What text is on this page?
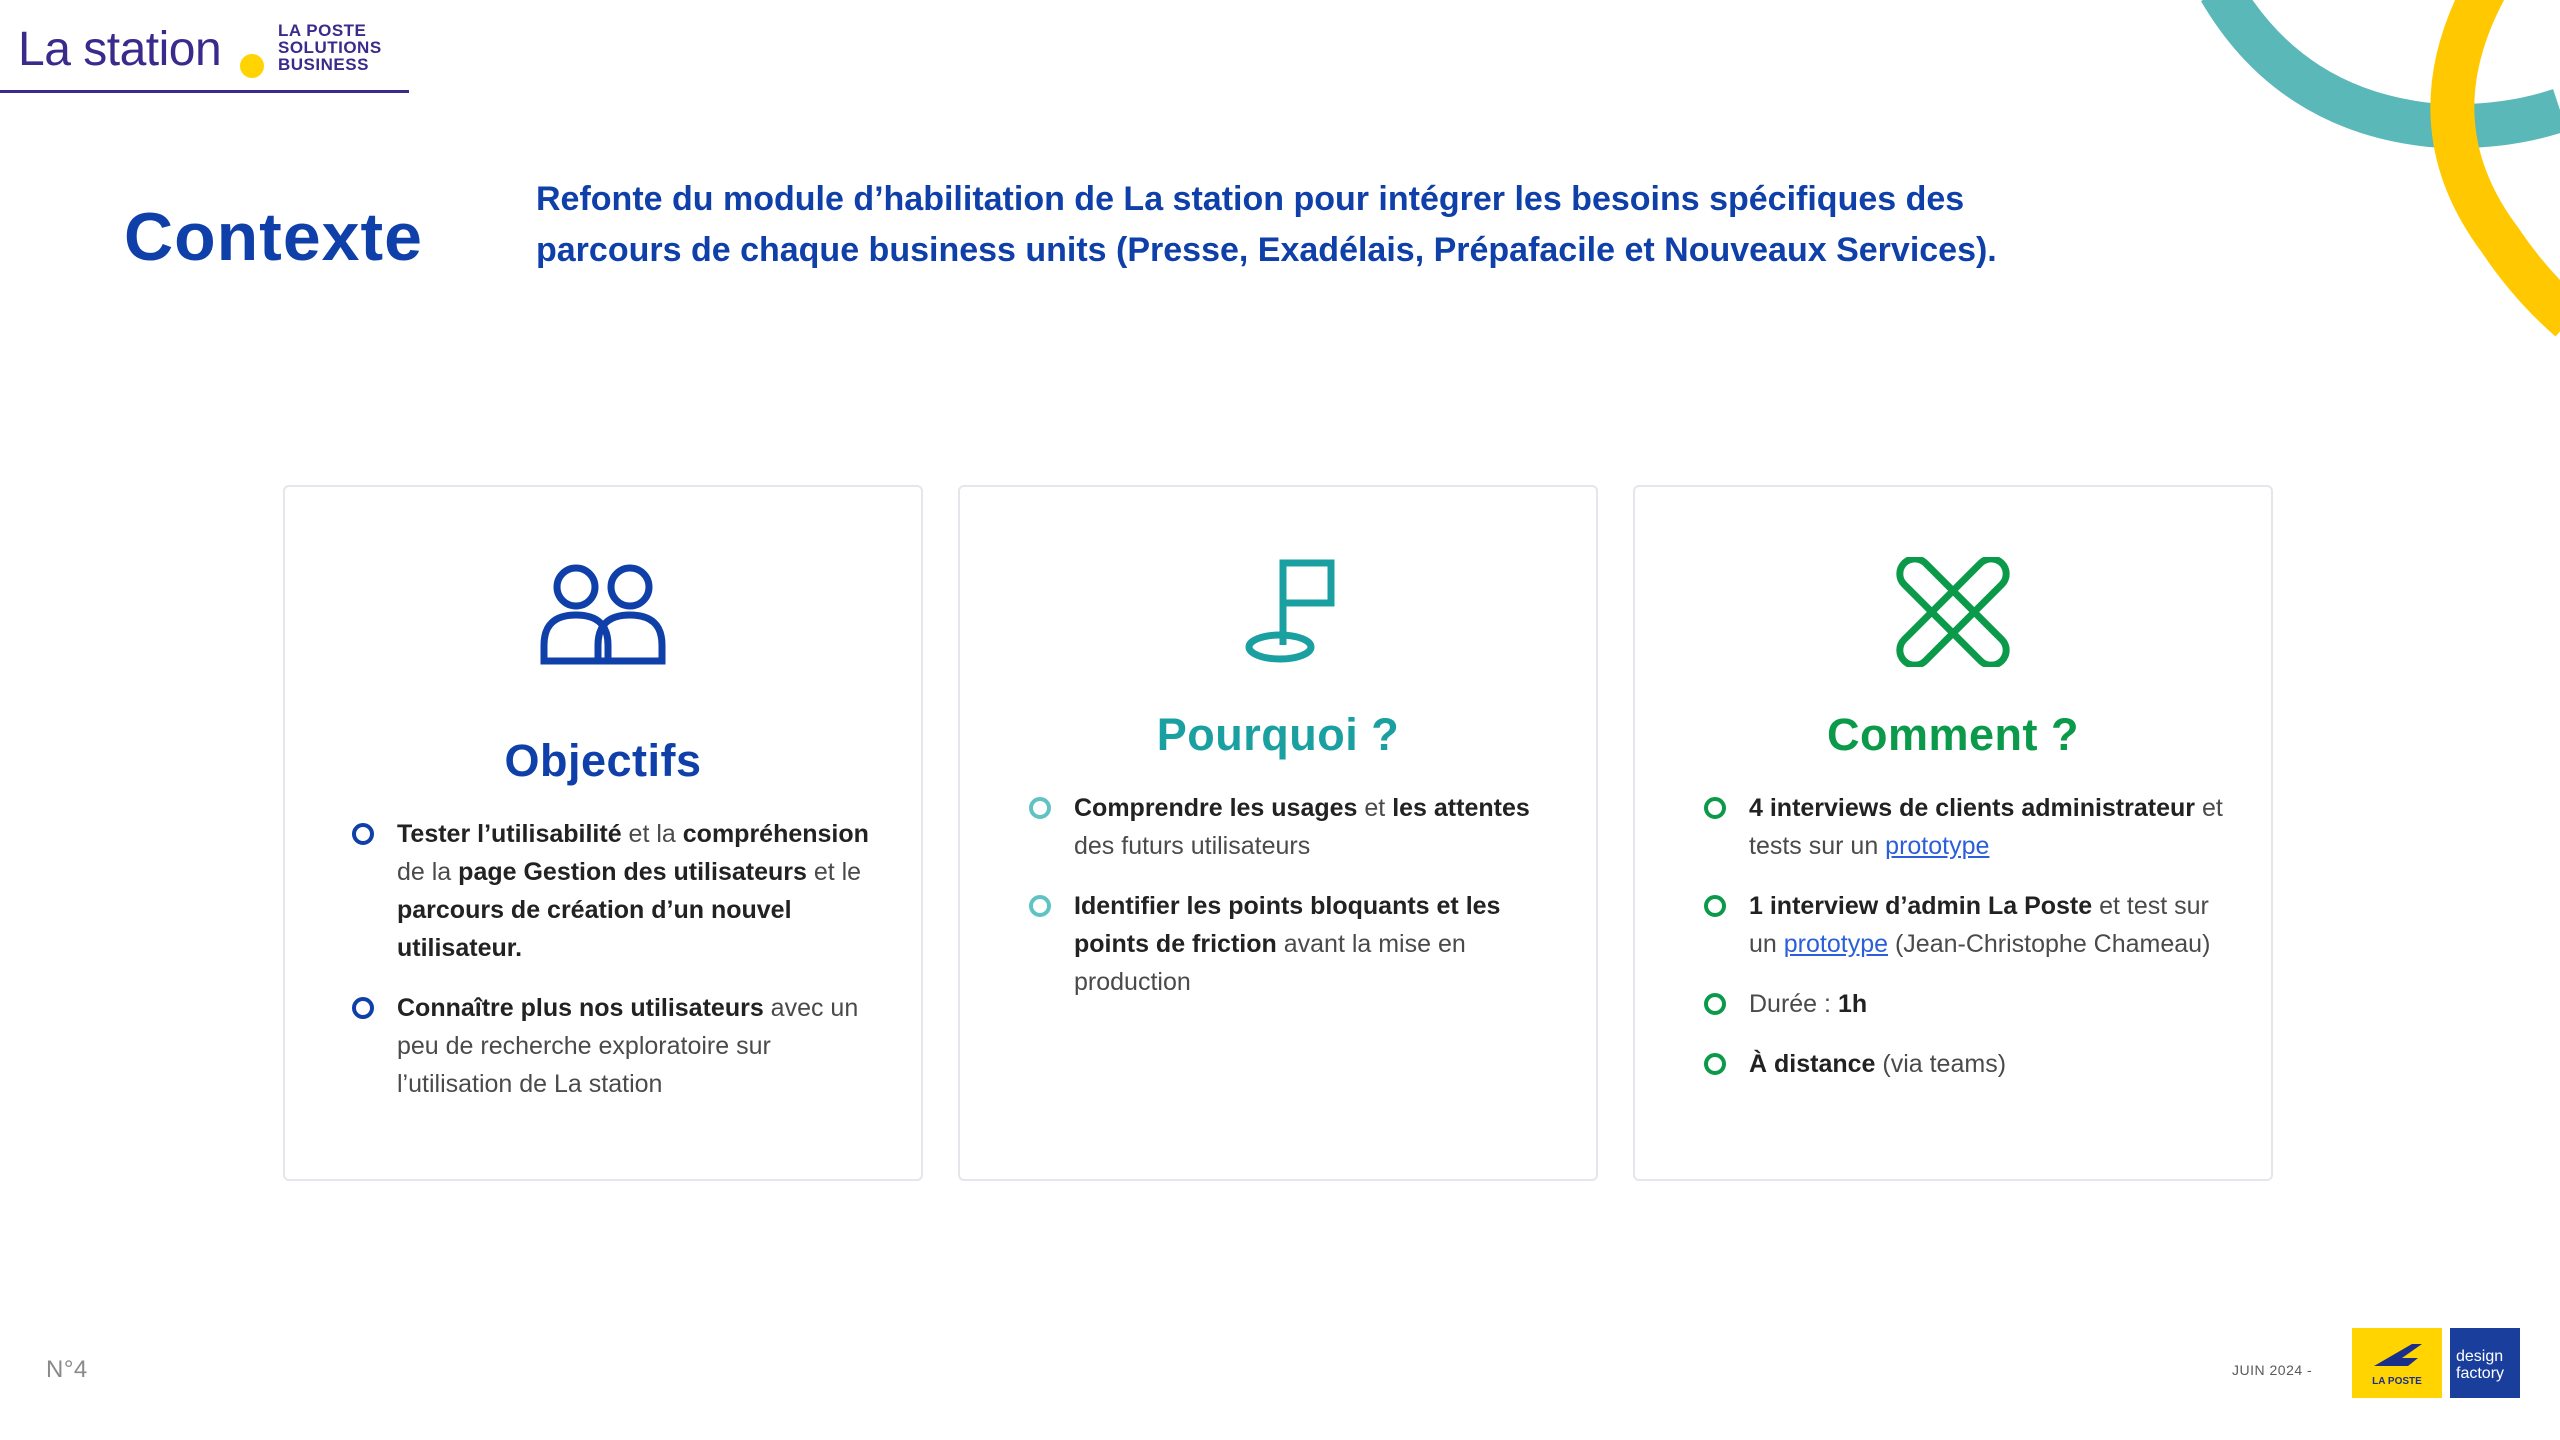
La station	LA POSTE
SOLUTIONS
BUSINESS
Contexte	Refonte du module d’habilitation de La station pour intégrer les besoins spécifiques des parcours de chaque business units (Presse, Exadélais, Prépafacile et Nouveaux Services).
Objectifs
Tester l’utilisabilité et la compréhension de la page Gestion des utilisateurs et le parcours de création d’un nouvel utilisateur.
Connaître plus nos utilisateurs avec un peu de recherche exploratoire sur l’utilisation de La station
Pourquoi ?
Comprendre les usages et les attentes des futurs utilisateurs
Identifier les points bloquants et les points de friction avant la mise en production
Comment ?
4 interviews de clients administrateur et tests sur un prototype
1 interview d’admin La Poste et test sur un prototype (Jean-Christophe Chameau)
Durée : 1h
À distance (via teams)
N°4	JUIN 2024 -
LA POSTE
design
factory
